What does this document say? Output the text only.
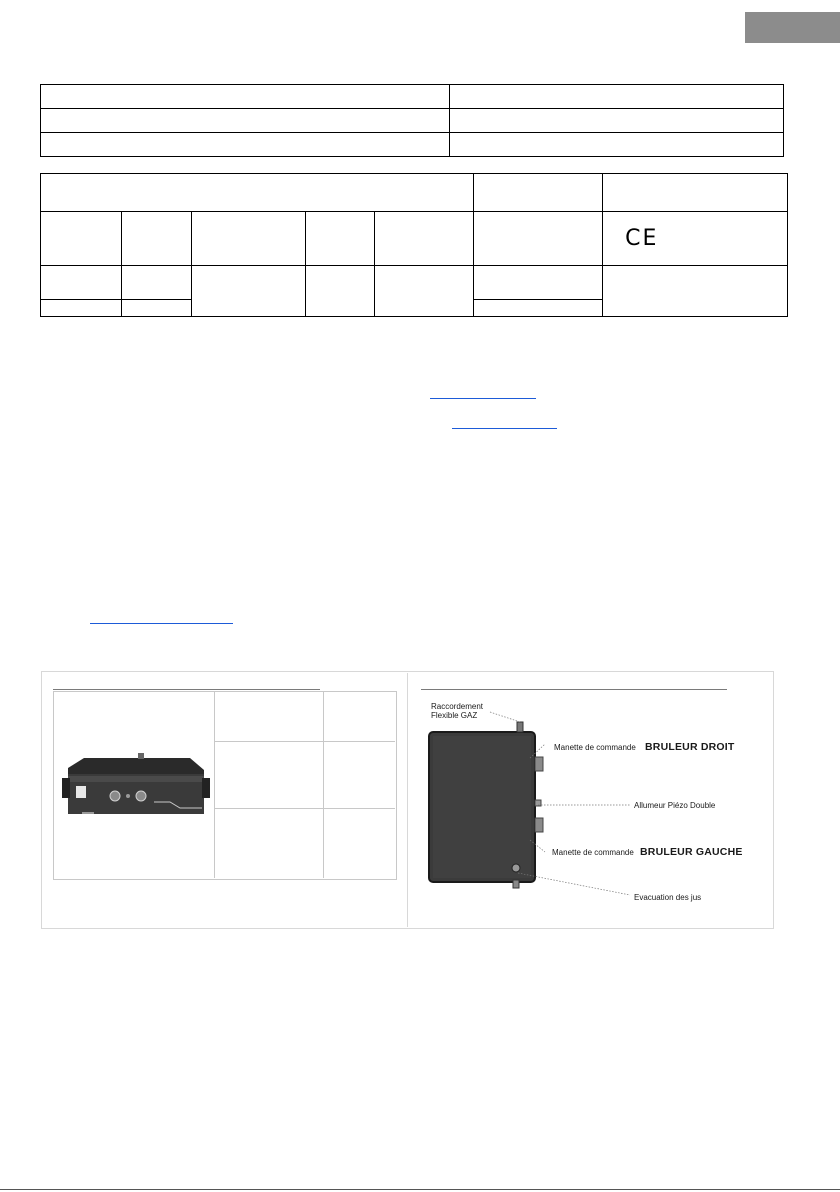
						CE

Raccordement
Flexible GAZ
Manette de commande BRULEUR DROIT
Allumeur Piézo Double
Manette de commande BRULEUR GAUCHE
Evacuation des jus
